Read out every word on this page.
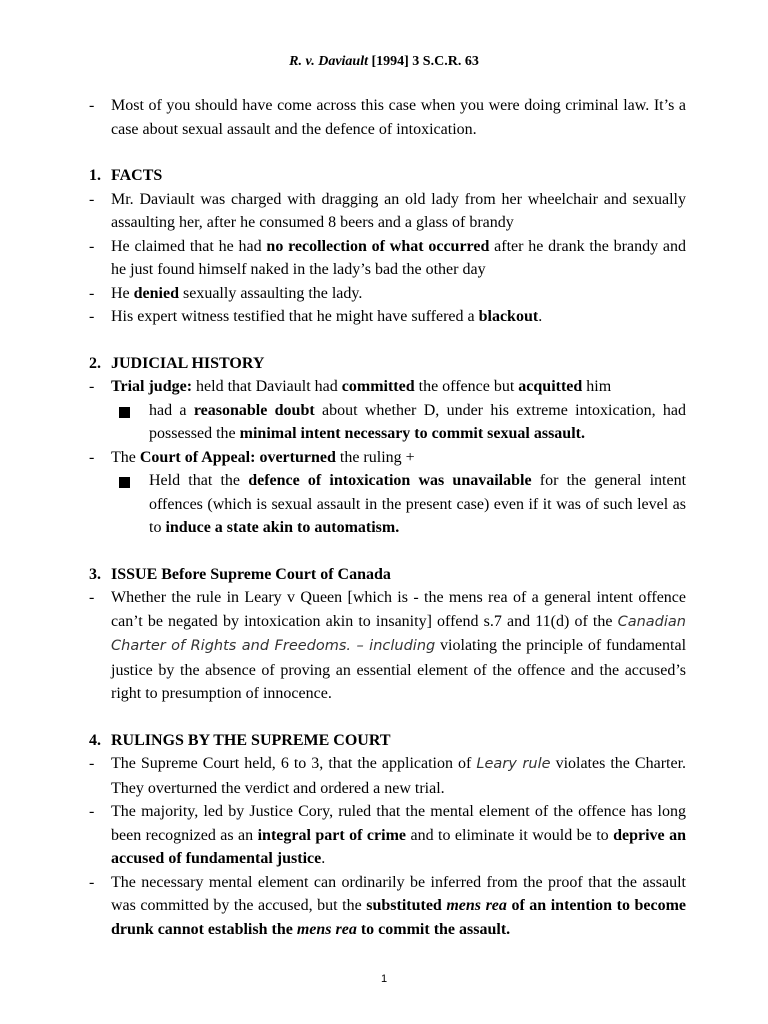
R. v. Daviault [1994] 3 S.C.R. 63
- Most of you should have come across this case when you were doing criminal law. It’s a case about sexual assault and the defence of intoxication.
1. FACTS
- Mr. Daviault was charged with dragging an old lady from her wheelchair and sexually assaulting her, after he consumed 8 beers and a glass of brandy
- He claimed that he had no recollection of what occurred after he drank the brandy and he just found himself naked in the lady’s bad the other day
- He denied sexually assaulting the lady.
- His expert witness testified that he might have suffered a blackout.
2. JUDICIAL HISTORY
- Trial judge: held that Daviault had committed the offence but acquitted him
had a reasonable doubt about whether D, under his extreme intoxication, had possessed the minimal intent necessary to commit sexual assault.
- The Court of Appeal: overturned the ruling +
Held that the defence of intoxication was unavailable for the general intent offences (which is sexual assault in the present case) even if it was of such level as to induce a state akin to automatism.
3. ISSUE Before Supreme Court of Canada
- Whether the rule in Leary v Queen [which is - the mens rea of a general intent offence can’t be negated by intoxication akin to insanity] offend s.7 and 11(d) of the Canadian Charter of Rights and Freedoms. – including violating the principle of fundamental justice by the absence of proving an essential element of the offence and the accused’s right to presumption of innocence.
4. RULINGS BY THE SUPREME COURT
- The Supreme Court held, 6 to 3, that the application of Leary rule violates the Charter. They overturned the verdict and ordered a new trial.
- The majority, led by Justice Cory, ruled that the mental element of the offence has long been recognized as an integral part of crime and to eliminate it would be to deprive an accused of fundamental justice.
- The necessary mental element can ordinarily be inferred from the proof that the assault was committed by the accused, but the substituted mens rea of an intention to become drunk cannot establish the mens rea to commit the assault.
1
